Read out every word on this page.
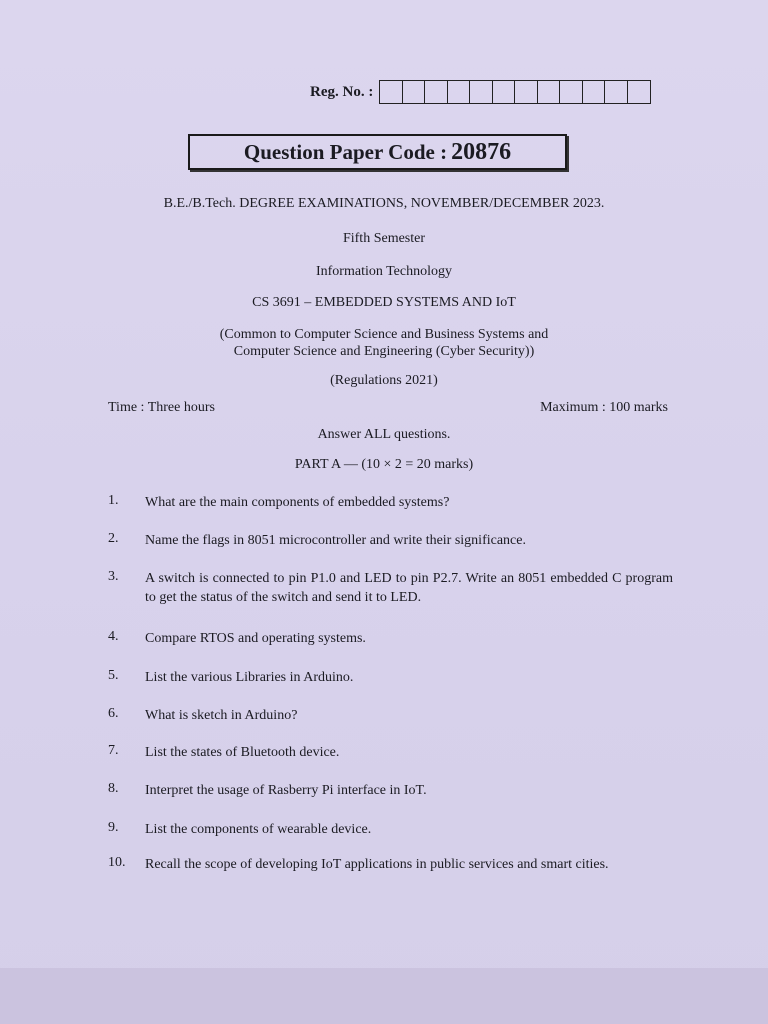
Reg. No. :
Question Paper Code : 20876
B.E./B.Tech. DEGREE EXAMINATIONS, NOVEMBER/DECEMBER 2023.
Fifth Semester
Information Technology
CS 3691 – EMBEDDED SYSTEMS AND IoT
(Common to Computer Science and Business Systems and
Computer Science and Engineering (Cyber Security))
(Regulations 2021)
Time : Three hours	Maximum : 100 marks
Answer ALL questions.
PART A — (10 × 2 = 20 marks)
1.	What are the main components of embedded systems?
2.	Name the flags in 8051 microcontroller and write their significance.
3.	A switch is connected to pin P1.0 and LED to pin P2.7. Write an 8051 embedded C program to get the status of the switch and send it to LED.
4.	Compare RTOS and operating systems.
5.	List the various Libraries in Arduino.
6.	What is sketch in Arduino?
7.	List the states of Bluetooth device.
8.	Interpret the usage of Rasberry Pi interface in IoT.
9.	List the components of wearable device.
10.	Recall the scope of developing IoT applications in public services and smart cities.
